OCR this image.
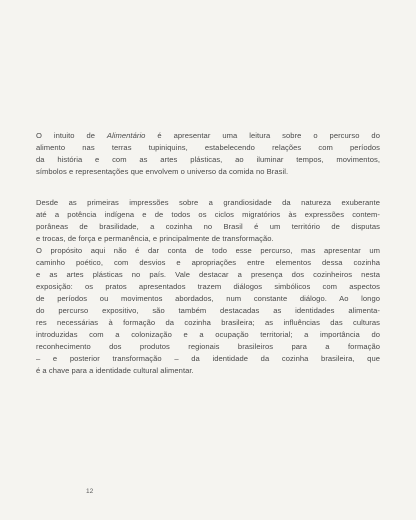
O intuito de Alimentário é apresentar uma leitura sobre o percurso do
alimento nas terras tupiniquins, estabelecendo relações com períodos
da história e com as artes plásticas, ao iluminar tempos, movimentos,
símbolos e representações que envolvem o universo da comida no Brasil.
Desde as primeiras impressões sobre a grandiosidade da natureza exuberante
até a potência indígena e de todos os ciclos migratórios às expressões contem-
porâneas de brasilidade, a cozinha no Brasil é um território de disputas
e trocas, de força e permanência, e principalmente de transformação.
O propósito aqui não é dar conta de todo esse percurso, mas apresentar um
caminho poético, com desvios e apropriações entre elementos dessa cozinha
e as artes plásticas no país. Vale destacar a presença dos cozinheiros nesta
exposição: os pratos apresentados trazem diálogos simbólicos com aspectos
de períodos ou movimentos abordados, num constante diálogo. Ao longo
do percurso expositivo, são também destacadas as identidades alimenta-
res necessárias à formação da cozinha brasileira; as influências das culturas
introduzidas com a colonização e a ocupação territorial; a importância do
reconhecimento dos produtos regionais brasileiros para a formação
– e posterior transformação – da identidade da cozinha brasileira, que
é a chave para a identidade cultural alimentar.
12
